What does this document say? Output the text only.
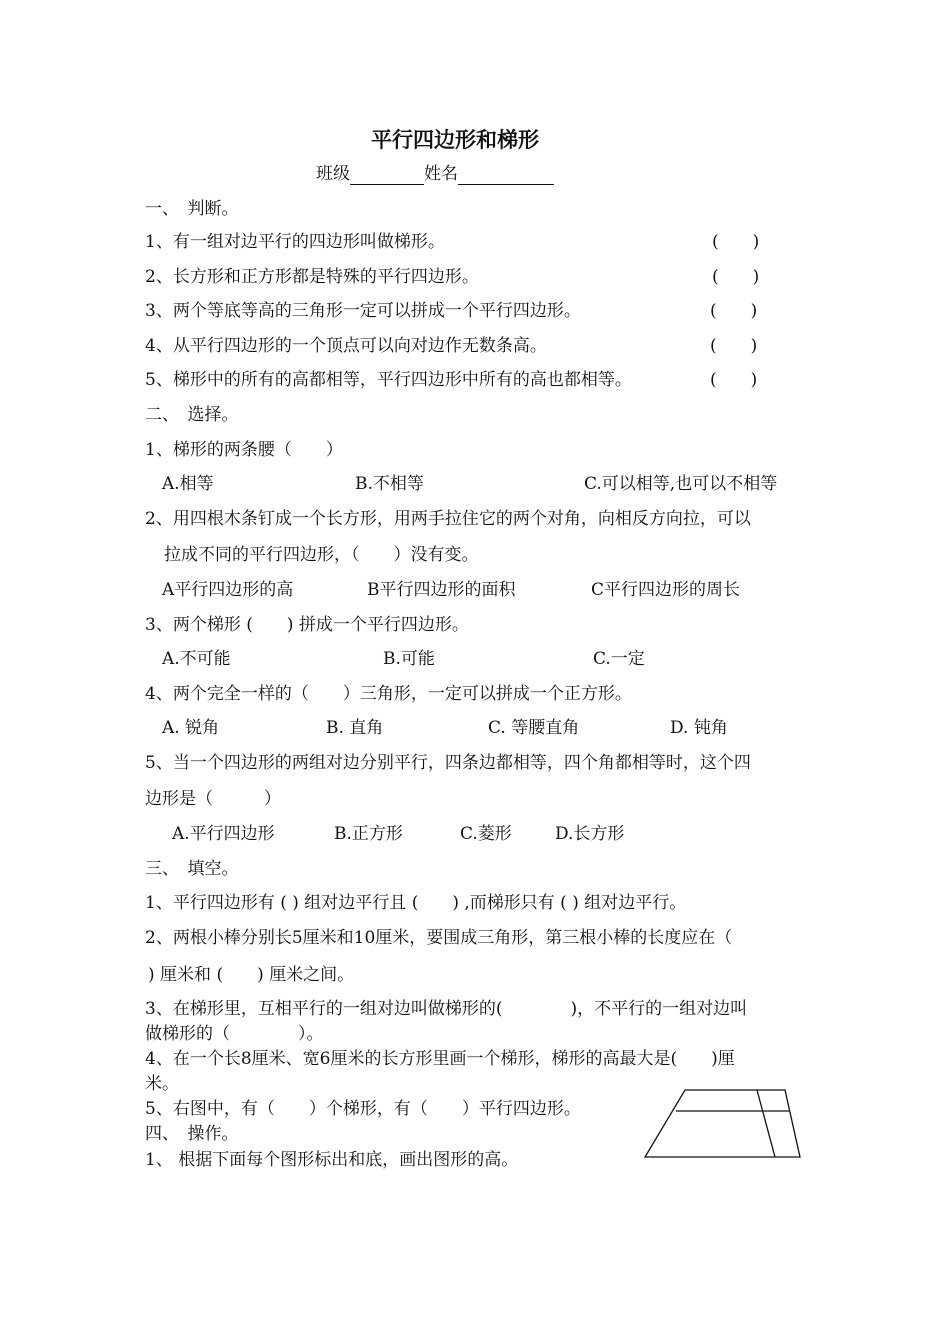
平行四边形和梯形
班级	姓名
一、　判断。
1、有一组对边平行的四边形叫做梯形。	(　　)
2、长方形和正方形都是特殊的平行四边形。	(　　)
3、两个等底等高的三角形一定可以拼成一个平行四边形。	(　　)
4、从平行四边形的一个顶点可以向对边作无数条高。	(　　)
5、梯形中的所有的高都相等，平行四边形中所有的高也都相等。	(　　)
二、　选择。
1、梯形的两条腰（　　）
A.相等	B.不相等	C.可以相等,也可以不相等
2、用四根木条钉成一个长方形，用两手拉住它的两个对角，向相反方向拉，可以
拉成不同的平行四边形，（　　）没有变。
A平行四边形的高	B平行四边形的面积	C平行四边形的周长
3、两个梯形 (　　) 拼成一个平行四边形。
A.不可能	B.可能	C.一定
4、两个完全一样的（　　）三角形，一定可以拼成一个正方形。
A. 锐角	B. 直角	C. 等腰直角	D. 钝角
5、当一个四边形的两组对边分别平行，四条边都相等，四个角都相等时，这个四
边形是（　　　）
A.平行四边形	B.正方形	C.菱形	D.长方形
三、　填空。
1、平行四边形有 ( ) 组对边平行且 (　　) ,而梯形只有 ( ) 组对边平行。
2、两根小棒分别长5厘米和10厘米，要围成三角形，第三根小棒的长度应在（
) 厘米和 (　　) 厘米之间。
3、在梯形里，互相平行的一组对边叫做梯形的(　　　　)，不平行的一组对边叫
做梯形的（　　　　）。
4、在一个长8厘米、宽6厘米的长方形里画一个梯形，梯形的高最大是(　　)厘
米。
5、右图中，有（　　）个梯形，有（　　）平行四边形。
四、　操作。
1、 根据下面每个图形标出和底，画出图形的高。
